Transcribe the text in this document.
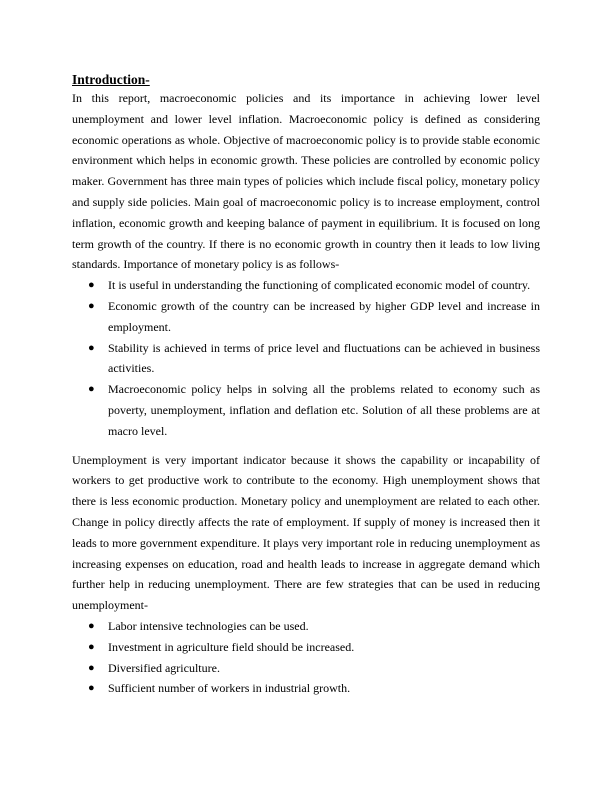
Introduction-

In this report, macroeconomic policies and its importance in achieving lower level unemployment and lower level inflation. Macroeconomic policy is defined as considering economic operations as whole. Objective of macroeconomic policy is to provide stable economic environment which helps in economic growth. These policies are controlled by economic policy maker. Government has three main types of policies which include fiscal policy, monetary policy and supply side policies. Main goal of macroeconomic policy is to increase employment, control inflation, economic growth and keeping balance of payment in equilibrium. It is focused on long term growth of the country. If there is no economic growth in country then it leads to low living standards. Importance of monetary policy is as follows-

● It is useful in understanding the functioning of complicated economic model of country.
● Economic growth of the country can be increased by higher GDP level and increase in employment.
● Stability is achieved in terms of price level and fluctuations can be achieved in business activities.
● Macroeconomic policy helps in solving all the problems related to economy such as poverty, unemployment, inflation and deflation etc. Solution of all these problems are at macro level.

Unemployment is very important indicator because it shows the capability or incapability of workers to get productive work to contribute to the economy. High unemployment shows that there is less economic production. Monetary policy and unemployment are related to each other. Change in policy directly affects the rate of employment. If supply of money is increased then it leads to more government expenditure. It plays very important role in reducing unemployment as increasing expenses on education, road and health leads to increase in aggregate demand which further help in reducing unemployment. There are few strategies that can be used in reducing unemployment-

● Labor intensive technologies can be used.
● Investment in agriculture field should be increased.
● Diversified agriculture.
● Sufficient number of workers in industrial growth.
